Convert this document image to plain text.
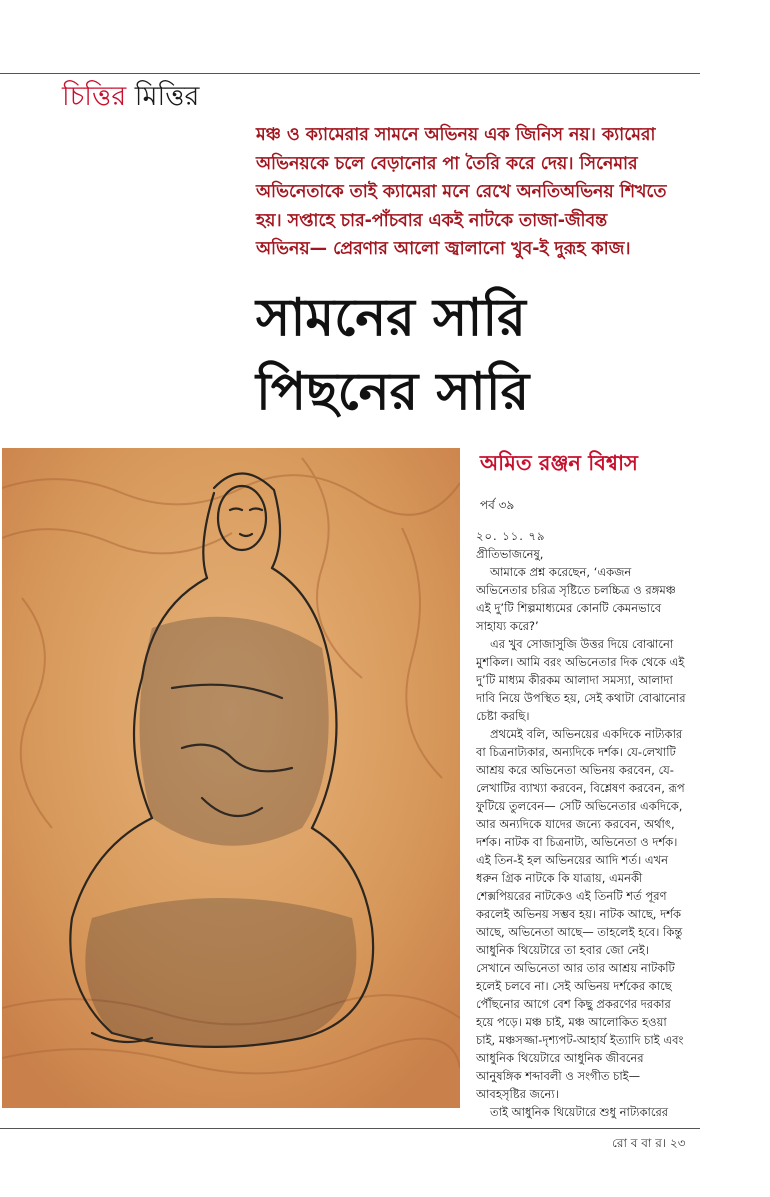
চিত্তির মিত্তির
মঞ্চ ও ক্যামেরার সামনে অভিনয় এক জিনিস নয়। ক্যামেরা
অভিনয়কে চলে বেড়ানোর পা তৈরি করে দেয়। সিনেমার
অভিনেতাকে তাই ক্যামেরা মনে রেখে অনতিঅভিনয় শিখতে
হয়। সপ্তাহে চার-পাঁচবার একই নাটকে তাজা-জীবন্ত
অভিনয়— প্রেরণার আলো জ্বালানো খুব-ই দুরূহ কাজ।
সামনের সারি
পিছনের সারি
অমিত রঞ্জন বিশ্বাস
পর্ব ৩৯
২০. ১১. ৭৯
প্রীতিভাজনেষু,
আমাকে প্রশ্ন করেছেন, ‘একজন
অভিনেতার চরিত্র সৃষ্টিতে চলচ্চিত্র ও রঙ্গমঞ্চ
এই দু’টি শিল্পমাধ্যমের কোনটি কেমনভাবে
সাহায্য করে?’
এর খুব সোজাসুজি উত্তর দিয়ে বোঝানো
মুশকিল। আমি বরং অভিনেতার দিক থেকে এই
দু’টি মাধ্যম কীরকম আলাদা সমস্যা, আলাদা
দাবি নিয়ে উপস্থিত হয়, সেই কথাটা বোঝানোর
চেষ্টা করছি।
প্রথমেই বলি, অভিনয়ের একদিকে নাট্যকার
বা চিত্রনাট্যকার, অন্যদিকে দর্শক। যে-লেখাটি
আশ্রয় করে অভিনেতা অভিনয় করবেন, যে-
লেখাটির ব্যাখ্যা করবেন, বিশ্লেষণ করবেন, রূপ
ফুটিয়ে তুলবেন— সেটি অভিনেতার একদিকে,
আর অন্যদিকে যাদের জন্যে করবেন, অর্থাৎ,
দর্শক। নাটক বা চিত্রনাট্য, অভিনেতা ও দর্শক।
এই তিন-ই হল অভিনয়ের আদি শর্ত। এখন
ধরুন গ্রিক নাটকে কি যাত্রায়, এমনকী
শেক্সপিয়রের নাটকেও এই তিনটি শর্ত পূরণ
করলেই অভিনয় সম্ভব হয়। নাটক আছে, দর্শক
আছে, অভিনেতা আছে— তাহলেই হবে। কিন্তু
আধুনিক থিয়েটারে তা হবার জো নেই।
সেখানে অভিনেতা আর তার আশ্রয় নাটকটি
হলেই চলবে না। সেই অভিনয় দর্শকের কাছে
পৌঁছনোর আগে বেশ কিছু প্রকরণের দরকার
হয়ে পড়ে। মঞ্চ চাই, মঞ্চ আলোকিত হওয়া
চাই, মঞ্চসজ্জা-দৃশ্যপট-আহার্য ইত্যাদি চাই এবং
আধুনিক থিয়েটারে আধুনিক জীবনের
আনুষঙ্গিক শব্দাবলী ও সংগীত চাই—
আবহসৃষ্টির জন্যে।
তাই আধুনিক থিয়েটারে শুধু নাট্যকারের
রো ব বা র। ২৩
